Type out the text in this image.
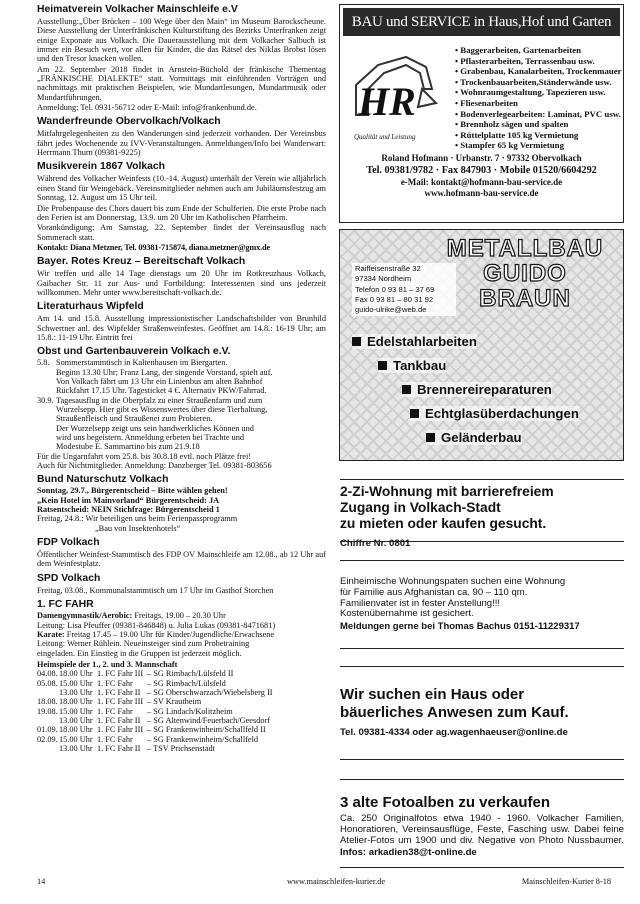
Heimatverein Volkacher Mainschleife e.V
Ausstellung:„Über Brücken – 100 Wege über den Main“ im Museum Barockscheune. Diese Ausstellung der Unterfränkischen Kulturstiftung des Bezirks Unterfranken zeigt einige Exponate aus Volkach. Die Dauerausstellung mit dem Volkacher Salbuch ist immer ein Besuch wert, vor allen für Kinder, die das Rätsel des Niklas Brobst lösen und den Tresor knacken wollen.
Am 22. September 2018 findet in Arnstein-Büchold der fränkische Thementag „FRÄNKISCHE DIALEKTE“ statt. Vormittags mit einführenden Vorträgen und nachmittags mit praktischen Beispielen, wie Mundartlesungen, Mundartmusik oder Mundartführungen.
Anmeldung: Tel. 0931-56712 oder E-Mail: info@frankenbund.de.
Wanderfreunde Obervolkach/Volkach
Mitfahrgelegenheiten zu den Wanderungen sind jederzeit vorhanden. Der Vereinsbus fährt jedes Wochenende zu IVV-Veranstaltungen. Anmeldungen/Info bei Wanderwart: Herrmann Thurn (09381-9225)
Musikverein 1867 Volkach
Während des Volkacher Weinfests (10.-14. August) unterhält der Verein wie alljährlich einen Stand für Weingebäck. Vereinsmitglieder nehmen auch am Jubiläumsfestzug am Sonntag, 12. August um 15 Uhr teil.
Die Probenpause des Chors dauert bis zum Ende der Schulferien. Die erste Probe nach den Ferien ist am Donnerstag, 13.9. um 20 Uhr im Katholischen Pfarrheim.
Vorankündigung: Am Samstag, 22. September findet der Vereinsausflug nach Sommerach statt.
Kontakt: Diana Metzner, Tel. 09381-715874, diana.metzner@gmx.de
Bayer. Rotes Kreuz – Bereitschaft Volkach
Wir treffen und alle 14 Tage dienstags um 20 Uhr im Rotkreuzhaus Volkach, Gaibacher Str. 11 zur Aus- und Fortbildung: Interessenten sind uns jederzeit willkommen. Mehr unter www.bereitschaft-volkach.de.
Literaturhaus Wipfeld
Am 14. und 15.8. Ausstellung impressionistischer Landschaftsbilder von Brunhild Schwertner anl. des Wipfelder Straßenweinfestes. Geöffnet am 14.8.: 16-19 Uhr; am 15.8.: 11-19 Uhr. Eintritt frei
Obst und Gartenbauverein Volkach e.V.
5.8. Sommerstammtisch in Kaltenhausen im Biergarten.
Beginn 13.30 Uhr; Franz Lang, der singende Vorstand, spielt auf.
Von Volkach fährt um 13 Uhr ein Linienbus am alten Bahnhof
Rückfahrt 17.15 Uhr. Tagesticket 4 €. Alternativ PKW/Fahrrad.
30.9. Tagesausflug in die Oberpfalz zu einer Straußenfarm und zum
Wurzelsepp. Hier gibt es Wissenswertes über diese Tierhaltung,
Straußenfleisch und Straußenei zum Probieren.
Der Wurzelsepp zeigt uns sein handwerkliches Können und
wird uns begeistern. Anmeldung erbeten bei Trachte und
Modestube E. Sammartino bis zum 21.9.18
Für die Ungarnfahrt vom 25.8. bis 30.8.18 evtl. noch Plätze frei!
Auch für Nichtmitglieder. Anmeldung: Danzberger Tel. 09381-803656
Bund Naturschutz Volkach
Sonntag, 29.7., Bürgerentscheid – Bitte wählen gehen!
„Kein Hotel im Mainvorland“ Bürgerentscheid: JA
Ratsentscheid: NEIN Stichfrage: Bürgerentscheid 1
Freitag, 24.8.: Wir beteiligen uns beim Ferienpassprogramm
„Bau von Insektenhotels“
FDP Volkach
Öffentlicher Weinfest-Stammtisch des FDP OV Mainschleife am 12.08., ab 12 Uhr auf dem Weinfestplatz.
SPD Volkach
Freitag, 03.08., Kommunalstammtisch um 17 Uhr im Gasthof Storchen
1. FC FAHR
Damengymnastik/Aerobic: Freitags, 19.00 – 20.30 Uhr
Leitung: Lisa Pfeuffer (09381-846848) u. Julia Lukas (09381-8471681)
Karate: Freitag 17.45 – 19.00 Uhr für Kinder/Jugendliche/Erwachsene
Leitung: Werner Rühlein. Neueinsteiger sind zum Probetraining
eingeladen. Ein Einstieg in die Gruppen ist jederzeit möglich.
Heimspiele der 1., 2. und 3. Mannschaft
04.08. 18.00 Uhr 1. FC Fahr III – SG Rimbach/Lülsfeld II
05.08. 15.00 Uhr 1. FC Fahr	– SG Rimbach/Lülsfeld
13.00 Uhr 1. FC Fahr II – SG Oberschwarzach/Wiebelsberg II
18.08. 18.00 Uhr 1. FC Fahr III – SV Krautheim
19.08. 15.00 Uhr 1. FC Fahr	– SG Lindach/Kolitzheim
13.00 Uhr 1. FC Fahr II – SG Altenwind/Feuerbach/Geesdorf
01.09. 18.00 Uhr 1. FC Fahr III – SG Frankenwinheim/Schallfeld II
02.09. 15.00 Uhr 1. FC Fahr	– SG Frankenwinheim/Schallfeld
13.00 Uhr 1. FC Fahr II – TSV Prichsenstadt
14	www.mainschleifen-kurier.de	Mainschleifen-Kurier 8-18
BAU und SERVICE in Haus,Hof und Garten
HR
Qualität und Leistung
• Baggerarbeiten, Gartenarbeiten
• Pflasterarbeiten, Terrassenbau usw.
• Grabenbau, Kanalarbeiten, Trockenmauer
• Trockenbauarbeiten,Ständerwände usw.
• Wohnraumgestaltung, Tapezieren usw.
• Fliesenarbeiten
• Bodenverlegearbeiten: Laminat, PVC usw.
• Brennholz sägen und spalten
• Rüttelplatte 105 kg Vermietung
• Stampfer 65 kg Vermietung
Roland Hofmann · Urbanstr. 7 · 97332 Obervolkach
Tel. 09381/9782 · Fax 847903 · Mobile 01520/6604292
e-Mail: kontakt@hofmann-bau-service.de
www.hofmann-bau-service.de
METALLBAU
GUIDO
BRAUN
Raiffeisenstraße 32
97334 Nordheim
Telefon 0 93 81 – 37 69
Fax 0 93 81 – 80 31 92
guido-ulrike@web.de
Edelstahlarbeiten
Tankbau
Brennereireparaturen
Echtglasüberdachungen
Geländerbau
2-Zi-Wohnung mit barrierefreiem
Zugang in Volkach-Stadt
zu mieten oder kaufen gesucht.
Chiffre Nr. 0801
Einheimische Wohnungspaten suchen eine Wohnung
für Familie aus Afghanistan ca. 90 – 110 qm.
Familienvater ist in fester Anstellung!!!
Kostenübernahme ist gesichert.
Meldungen gerne bei Thomas Bachus 0151-11229317
Wir suchen ein Haus oder
bäuerliches Anwesen zum Kauf.
Tel. 09381-4334 oder ag.wagenhaeuser@online.de
3 alte Fotoalben zu verkaufen
Ca. 250 Originalfotos etwa 1940 - 1960. Volkacher Familien, Honoratioren, Vereinsausflüge, Feste, Fasching usw. Dabei feine Atelier-Fotos um 1900 und div. Negative von Photo Nussbaumer. Infos: arkadien38@t-online.de
